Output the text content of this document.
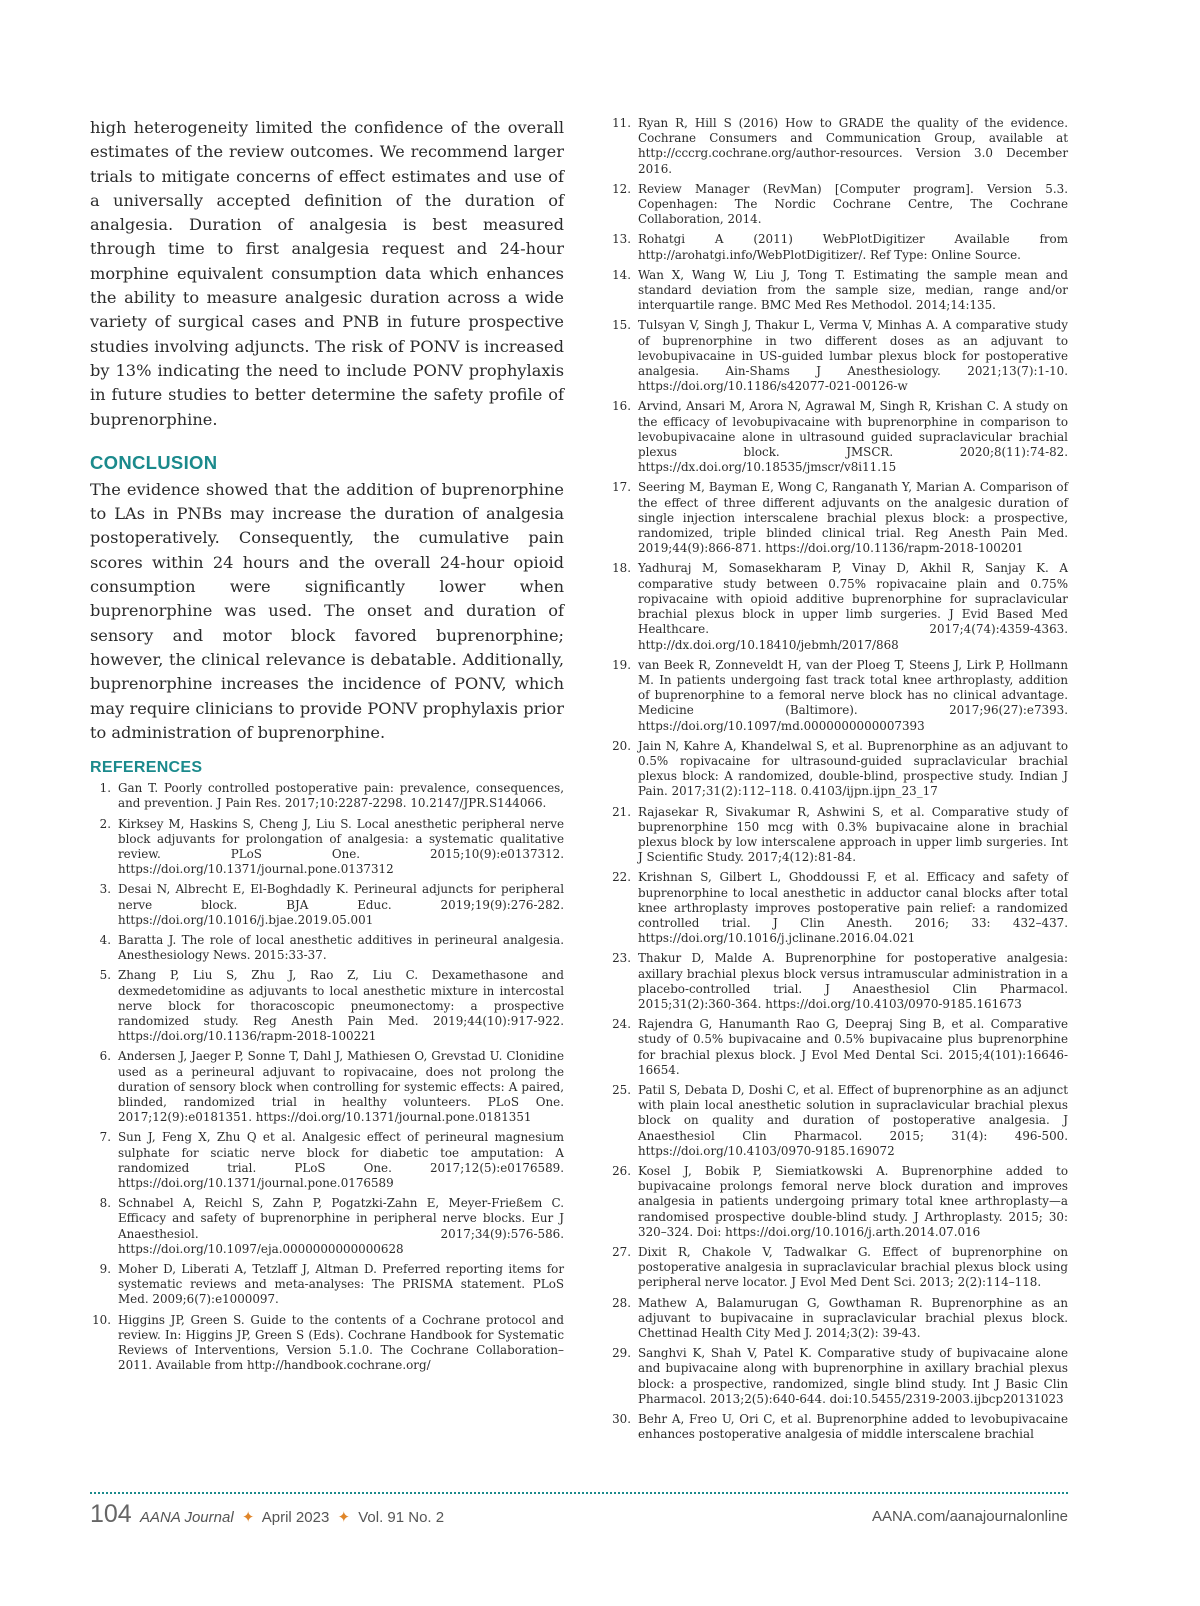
high heterogeneity limited the confidence of the overall estimates of the review outcomes. We recommend larger trials to mitigate concerns of effect estimates and use of a universally accepted definition of the duration of analgesia. Duration of analgesia is best measured through time to first analgesia request and 24-hour morphine equivalent consumption data which enhances the ability to measure analgesic duration across a wide variety of surgical cases and PNB in future prospective studies involving adjuncts. The risk of PONV is increased by 13% indicating the need to include PONV prophylaxis in future studies to better determine the safety profile of buprenorphine.

CONCLUSION

The evidence showed that the addition of buprenorphine to LAs in PNBs may increase the duration of analgesia postoperatively. Consequently, the cumulative pain scores within 24 hours and the overall 24-hour opioid consumption were significantly lower when buprenorphine was used. The onset and duration of sensory and motor block favored buprenorphine; however, the clinical relevance is debatable. Additionally, buprenorphine increases the incidence of PONV, which may require clinicians to provide PONV prophylaxis prior to administration of buprenorphine.

REFERENCES
1. Gan T. Poorly controlled postoperative pain: prevalence, consequences, and prevention. J Pain Res. 2017;10:2287-2298. 10.2147/JPR.S144066.
2. Kirksey M, Haskins S, Cheng J, Liu S. Local anesthetic peripheral nerve block adjuvants for prolongation of analgesia: a systematic qualitative review. PLoS One. 2015;10(9):e0137312. https://doi.org/10.1371/journal.pone.0137312
3. Desai N, Albrecht E, El-Boghdadly K. Perineural adjuncts for peripheral nerve block. BJA Educ. 2019;19(9):276-282. https://doi.org/10.1016/j.bjae.2019.05.001
4. Baratta J. The role of local anesthetic additives in perineural analgesia. Anesthesiology News. 2015:33-37.
5. Zhang P, Liu S, Zhu J, Rao Z, Liu C. Dexamethasone and dexmedetomidine as adjuvants to local anesthetic mixture in intercostal nerve block for thoracoscopic pneumonectomy: a prospective randomized study. Reg Anesth Pain Med. 2019;44(10):917-922. https://doi.org/10.1136/rapm-2018-100221
6. Andersen J, Jaeger P, Sonne T, Dahl J, Mathiesen O, Grevstad U. Clonidine used as a perineural adjuvant to ropivacaine, does not prolong the duration of sensory block when controlling for systemic effects: A paired, blinded, randomized trial in healthy volunteers. PLoS One. 2017;12(9):e0181351. https://doi.org/10.1371/journal.pone.0181351
7. Sun J, Feng X, Zhu Q et al. Analgesic effect of perineural magnesium sulphate for sciatic nerve block for diabetic toe amputation: A randomized trial. PLoS One. 2017;12(5):e0176589. https://doi.org/10.1371/journal.pone.0176589
8. Schnabel A, Reichl S, Zahn P, Pogatzki-Zahn E, Meyer-Frießem C. Efficacy and safety of buprenorphine in peripheral nerve blocks. Eur J Anaesthesiol. 2017;34(9):576-586. https://doi.org/10.1097/eja.0000000000000628
9. Moher D, Liberati A, Tetzlaff J, Altman D. Preferred reporting items for systematic reviews and meta-analyses: The PRISMA statement. PLoS Med. 2009;6(7):e1000097.
10. Higgins JP, Green S. Guide to the contents of a Cochrane protocol and review. In: Higgins JP, Green S (Eds). Cochrane Handbook for Systematic Reviews of Interventions, Version 5.1.0. The Cochrane Collaboration–2011. Available from http://handbook.cochrane.org/
11. Ryan R, Hill S (2016) How to GRADE the quality of the evidence. Cochrane Consumers and Communication Group, available at http://cccrg.cochrane.org/author-resources. Version 3.0 December 2016.
12. Review Manager (RevMan) [Computer program]. Version 5.3. Copenhagen: The Nordic Cochrane Centre, The Cochrane Collaboration, 2014.
13. Rohatgi A (2011) WebPlotDigitizer Available from http://arohatgi.info/WebPlotDigitizer/. Ref Type: Online Source.
14. Wan X, Wang W, Liu J, Tong T. Estimating the sample mean and standard deviation from the sample size, median, range and/or interquartile range. BMC Med Res Methodol. 2014;14:135.
15. Tulsyan V, Singh J, Thakur L, Verma V, Minhas A. A comparative study of buprenorphine in two different doses as an adjuvant to levobupivacaine in US-guided lumbar plexus block for postoperative analgesia. Ain-Shams J Anesthesiology. 2021;13(7):1-10. https://doi.org/10.1186/s42077-021-00126-w
16. Arvind, Ansari M, Arora N, Agrawal M, Singh R, Krishan C. A study on the efficacy of levobupivacaine with buprenorphine in comparison to levobupivacaine alone in ultrasound guided supraclavicular brachial plexus block. JMSCR. 2020;8(11):74-82. https://dx.doi.org/10.18535/jmscr/v8i11.15
17. Seering M, Bayman E, Wong C, Ranganath Y, Marian A. Comparison of the effect of three different adjuvants on the analgesic duration of single injection interscalene brachial plexus block: a prospective, randomized, triple blinded clinical trial. Reg Anesth Pain Med. 2019;44(9):866-871. https://doi.org/10.1136/rapm-2018-100201
18. Yadhuraj M, Somasekharam P, Vinay D, Akhil R, Sanjay K. A comparative study between 0.75% ropivacaine plain and 0.75% ropivacaine with opioid additive buprenorphine for supraclavicular brachial plexus block in upper limb surgeries. J Evid Based Med Healthcare. 2017;4(74):4359-4363. http://dx.doi.org/10.18410/jebmh/2017/868
19. van Beek R, Zonneveldt H, van der Ploeg T, Steens J, Lirk P, Hollmann M. In patients undergoing fast track total knee arthroplasty, addition of buprenorphine to a femoral nerve block has no clinical advantage. Medicine (Baltimore). 2017;96(27):e7393. https://doi.org/10.1097/md.0000000000007393
20. Jain N, Kahre A, Khandelwal S, et al. Buprenorphine as an adjuvant to 0.5% ropivacaine for ultrasound-guided supraclavicular brachial plexus block: A randomized, double-blind, prospective study. Indian J Pain. 2017;31(2):112–118. 0.4103/ijpn.ijpn_23_17
21. Rajasekar R, Sivakumar R, Ashwini S, et al. Comparative study of buprenorphine 150 mcg with 0.3% bupivacaine alone in brachial plexus block by low interscalene approach in upper limb surgeries. Int J Scientific Study. 2017;4(12):81-84.
22. Krishnan S, Gilbert L, Ghoddoussi F, et al. Efficacy and safety of buprenorphine to local anesthetic in adductor canal blocks after total knee arthroplasty improves postoperative pain relief: a randomized controlled trial. J Clin Anesth. 2016; 33: 432–437. https://doi.org/10.1016/j.jclinane.2016.04.021
23. Thakur D, Malde A. Buprenorphine for postoperative analgesia: axillary brachial plexus block versus intramuscular administration in a placebo-controlled trial. J Anaesthesiol Clin Pharmacol. 2015;31(2):360-364. https://doi.org/10.4103/0970-9185.161673
24. Rajendra G, Hanumanth Rao G, Deepraj Sing B, et al. Comparative study of 0.5% bupivacaine and 0.5% bupivacaine plus buprenorphine for brachial plexus block. J Evol Med Dental Sci. 2015;4(101):16646-16654.
25. Patil S, Debata D, Doshi C, et al. Effect of buprenorphine as an adjunct with plain local anesthetic solution in supraclavicular brachial plexus block on quality and duration of postoperative analgesia. J Anaesthesiol Clin Pharmacol. 2015; 31(4): 496-500. https://doi.org/10.4103/0970-9185.169072
26. Kosel J, Bobik P, Siemiatkowski A. Buprenorphine added to bupivacaine prolongs femoral nerve block duration and improves analgesia in patients undergoing primary total knee arthroplasty—a randomised prospective double-blind study. J Arthroplasty. 2015; 30: 320–324. Doi: https://doi.org/10.1016/j.arth.2014.07.016
27. Dixit R, Chakole V, Tadwalkar G. Effect of buprenorphine on postoperative analgesia in supraclavicular brachial plexus block using peripheral nerve locator. J Evol Med Dent Sci. 2013; 2(2):114–118.
28. Mathew A, Balamurugan G, Gowthaman R. Buprenorphine as an adjuvant to bupivacaine in supraclavicular brachial plexus block. Chettinad Health City Med J. 2014;3(2): 39-43.
29. Sanghvi K, Shah V, Patel K. Comparative study of bupivacaine alone and bupivacaine along with buprenorphine in axillary brachial plexus block: a prospective, randomized, single blind study. Int J Basic Clin Pharmacol. 2013;2(5):640-644. doi:10.5455/2319-2003.ijbcp20131023
30. Behr A, Freo U, Ori C, et al. Buprenorphine added to levobupivacaine enhances postoperative analgesia of middle interscalene brachial
104 AANA Journal ✦ April 2023 ✦ Vol. 91 No. 2	AANA.com/aanajournalonline
